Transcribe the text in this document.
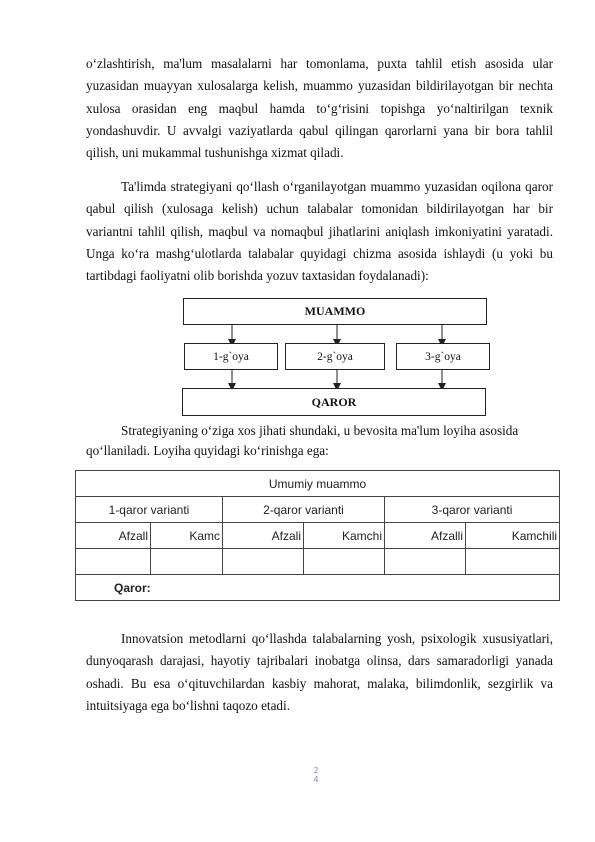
o‘zlashtirish, ma'lum masalalarni har tomonlama, puxta tahlil etish asosida ular yuzasidan muayyan xulosalarga kelish, muammo yuzasidan bildirilayotgan bir nechta xulosa orasidan eng maqbul hamda to‘g‘risini topishga yo‘naltirilgan texnik yondashuvdir. U avvalgi vaziyatlarda qabul qilingan qarorlarni yana bir bora tahlil qilish, uni mukammal tushunishga xizmat qiladi.

Ta'limda strategiyani qo‘llash o‘rganilayotgan muammo yuzasidan oqilona qaror qabul qilish (xulosaga kelish) uchun talabalar tomonidan bildirilayotgan har bir variantni tahlil qilish, maqbul va nomaqbul jihatlarini aniqlash imkoniyatini yaratadi. Unga ko‘ra mashg‘ulotlarda talabalar quyidagi chizma asosida ishlaydi (u yoki bu tartibdagi faoliyatni olib borishda yozuv taxtasidan foydalanadi):

MUAMMO
1-g`oya	2-g`oya	3-g`oya
QAROR

Strategiyaning o‘ziga xos jihati shundaki, u bevosita ma'lum loyiha asosida qo‘llaniladi. Loyiha quyidagi ko‘rinishga ega:

Umumiy muammo					
1-qaror varianti		2-qaror varianti		3-qaror varianti	
Afzall	Kamc	Afzali	Kamchi	Afzalli	Kamchili

Qaror:					

Innovatsion metodlarni qo‘llashda talabalarning yosh, psixologik xususiyatlari, dunyoqarash darajasi, hayotiy tajribalari inobatga olinsa, dars samaradorligi yanada oshadi. Bu esa o‘qituvchilardan kasbiy mahorat, malaka, bilimdonlik, sezgirlik va intuitsiyaga ega bo‘lishni taqozo etadi.

2
4
